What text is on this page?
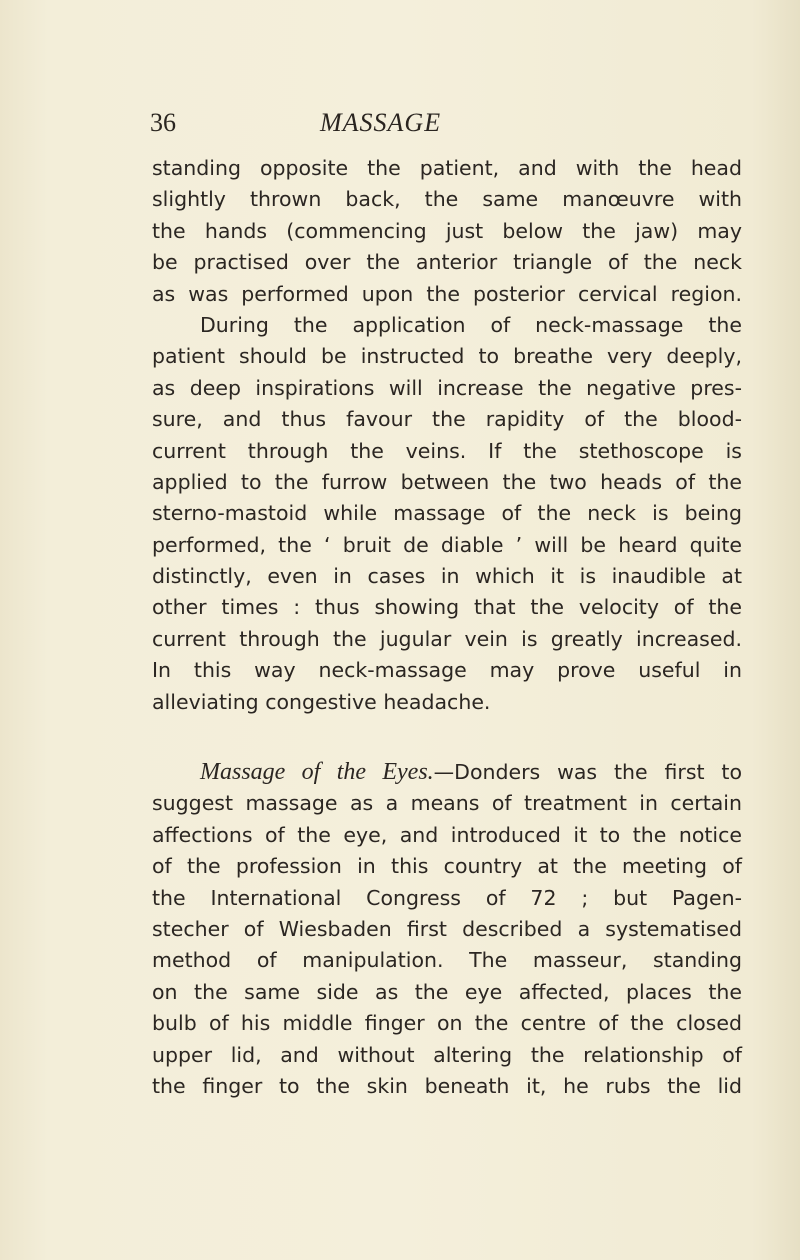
36	MASSAGE
standing opposite the patient, and with the head
slightly thrown back, the same manœuvre with
the hands (commencing just below the jaw) may
be practised over the anterior triangle of the neck
as was performed upon the posterior cervical region.
During the application of neck-massage the
patient should be instructed to breathe very deeply,
as deep inspirations will increase the negative pres-
sure, and thus favour the rapidity of the blood-
current through the veins. If the stethoscope is
applied to the furrow between the two heads of the
sterno-mastoid while massage of the neck is being
performed, the ‘ bruit de diable ’ will be heard quite
distinctly, even in cases in which it is inaudible at
other times : thus showing that the velocity of the
current through the jugular vein is greatly increased.
In this way neck-massage may prove useful in
alleviating congestive headache.
Massage of the Eyes.—Donders was the first to
suggest massage as a means of treatment in certain
affections of the eye, and introduced it to the notice
of the profession in this country at the meeting of
the International Congress of 72 ; but Pagen-
stecher of Wiesbaden first described a systematised
method of manipulation. The masseur, standing
on the same side as the eye affected, places the
bulb of his middle finger on the centre of the closed
upper lid, and without altering the relationship of
the finger to the skin beneath it, he rubs the lid
